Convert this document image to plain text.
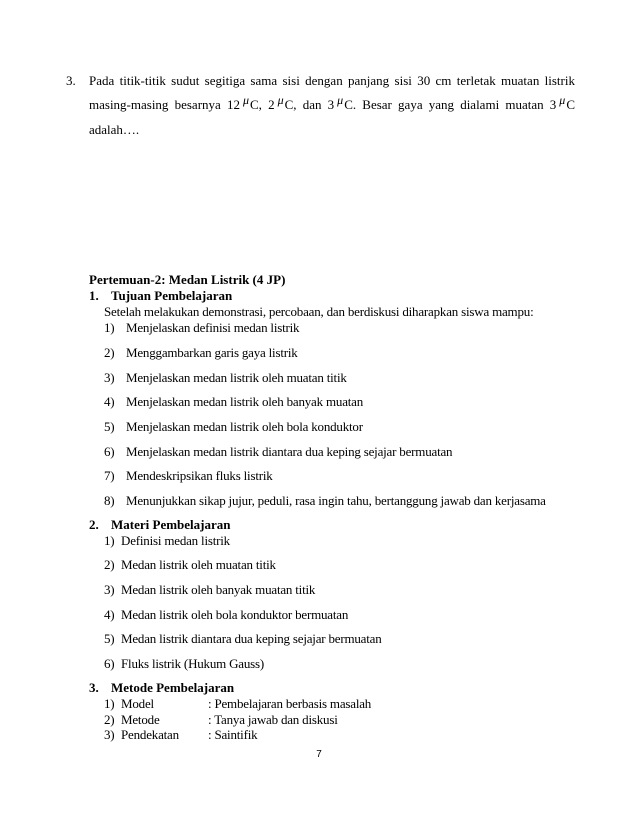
3. Pada titik-titik sudut segitiga sama sisi dengan panjang sisi 30 cm terletak muatan listrik
masing-masing besarnya 12 μC, 2 μC, dan 3 μC. Besar gaya yang dialami muatan 3 μC
adalah….
Pertemuan-2: Medan Listrik (4 JP)
1. Tujuan Pembelajaran
Setelah melakukan demonstrasi, percobaan, dan berdiskusi diharapkan siswa mampu:
1) Menjelaskan definisi medan listrik
2) Menggambarkan garis gaya listrik
3) Menjelaskan medan listrik oleh muatan titik
4) Menjelaskan medan listrik oleh banyak muatan
5) Menjelaskan medan listrik oleh bola konduktor
6) Menjelaskan medan listrik diantara dua keping sejajar bermuatan
7) Mendeskripsikan fluks listrik
8) Menunjukkan sikap jujur, peduli, rasa ingin tahu, bertanggung jawab dan kerjasama
2. Materi Pembelajaran
1) Definisi medan listrik
2) Medan listrik oleh muatan titik
3) Medan listrik oleh banyak muatan titik
4) Medan listrik oleh bola konduktor bermuatan
5) Medan listrik diantara dua keping sejajar bermuatan
6) Fluks listrik (Hukum Gauss)
3. Metode Pembelajaran
1) Model	: Pembelajaran berbasis masalah
2) Metode	: Tanya jawab dan diskusi
3) Pendekatan : Saintifik
7
